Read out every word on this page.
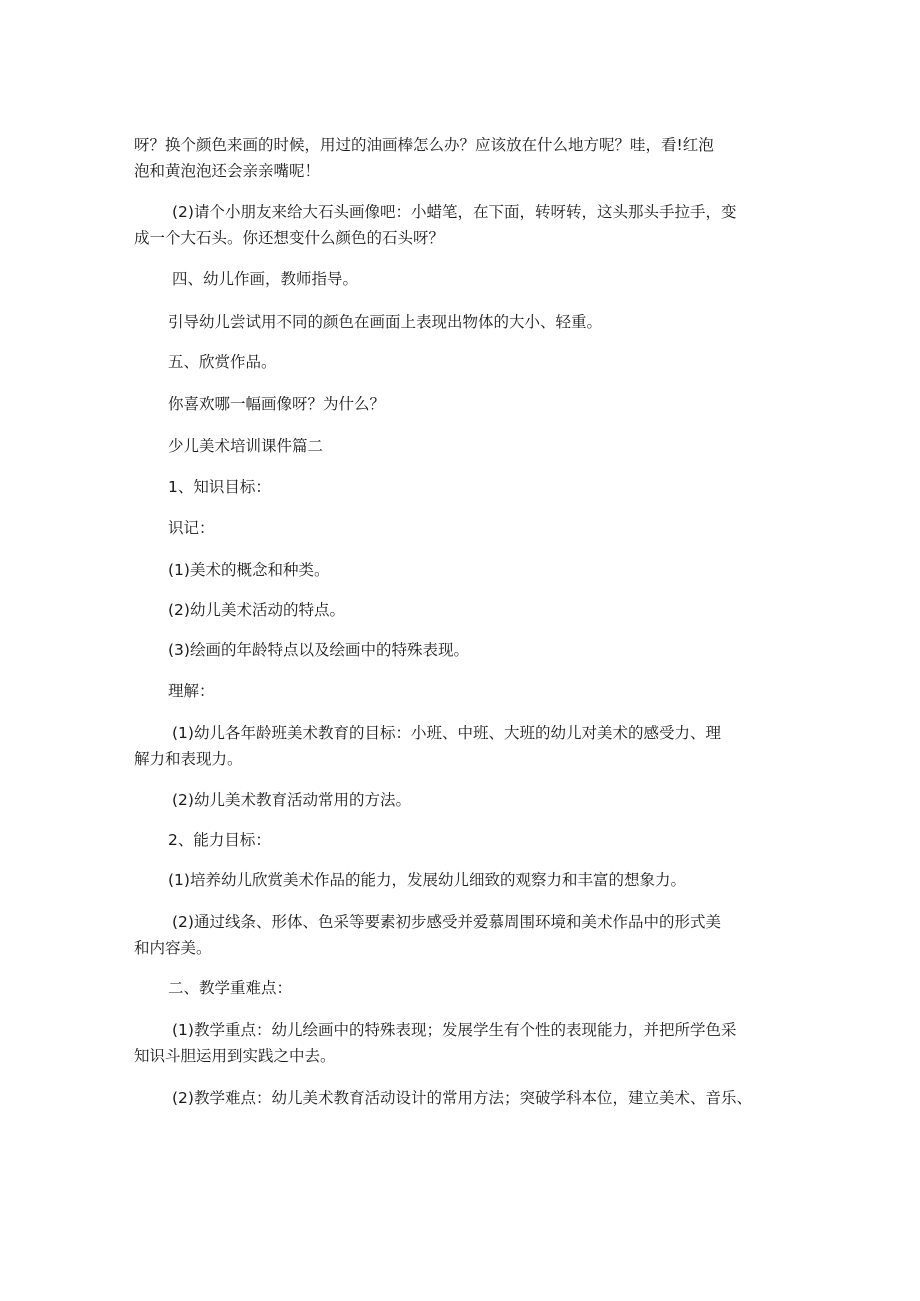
呀？换个颜色来画的时候，用过的油画棒怎么办？应该放在什么地方呢？哇，看!红泡

泡和黄泡泡还会亲亲嘴呢！

(2)请个小朋友来给大石头画像吧：小蜡笔，在下面，转呀转，这头那头手拉手，变

成一个大石头。你还想变什么颜色的石头呀？

四、幼儿作画，教师指导。

引导幼儿尝试用不同的颜色在画面上表现出物体的大小、轻重。

五、欣赏作品。

你喜欢哪一幅画像呀？为什么？

少儿美术培训课件篇二

1、知识目标：

识记：

(1)美术的概念和种类。

(2)幼儿美术活动的特点。

(3)绘画的年龄特点以及绘画中的特殊表现。

理解：

(1)幼儿各年龄班美术教育的目标：小班、中班、大班的幼儿对美术的感受力、理

解力和表现力。

(2)幼儿美术教育活动常用的方法。

2、能力目标：

(1)培养幼儿欣赏美术作品的能力，发展幼儿细致的观察力和丰富的想象力。

(2)通过线条、形体、色采等要素初步感受并爱慕周围环境和美术作品中的形式美

和内容美。

二、教学重难点：

(1)教学重点：幼儿绘画中的特殊表现；发展学生有个性的表现能力，并把所学色采

知识斗胆运用到实践之中去。

(2)教学难点：幼儿美术教育活动设计的常用方法；突破学科本位，建立美术、音乐、
